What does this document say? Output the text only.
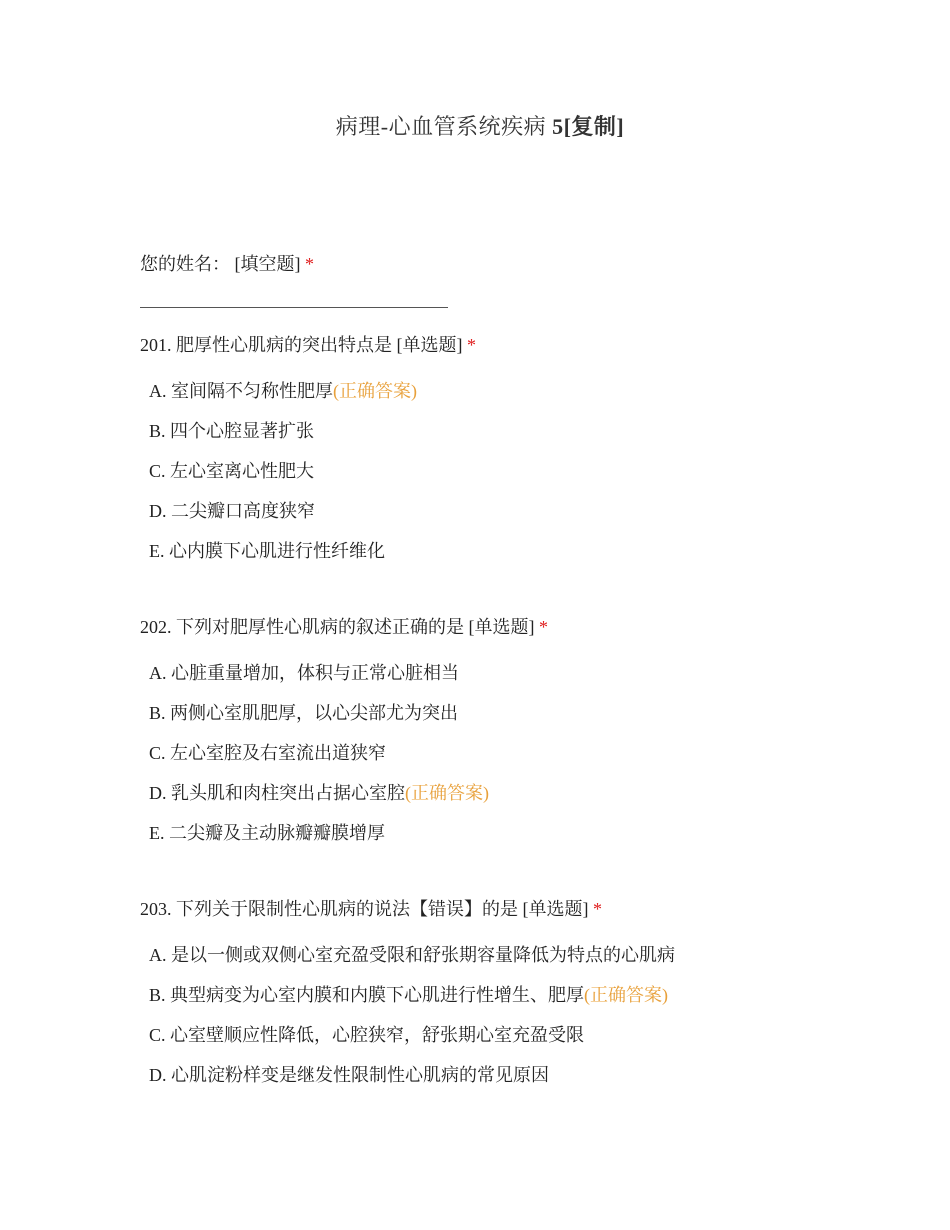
病理-心血管系统疾病 5[复制]
您的姓名： [填空题] *
201. 肥厚性心肌病的突出特点是 [单选题] *
A. 室间隔不匀称性肥厚(正确答案)
B. 四个心腔显著扩张
C. 左心室离心性肥大
D. 二尖瓣口高度狭窄
E. 心内膜下心肌进行性纤维化
202. 下列对肥厚性心肌病的叙述正确的是 [单选题] *
A. 心脏重量增加，体积与正常心脏相当
B. 两侧心室肌肥厚，以心尖部尤为突出
C. 左心室腔及右室流出道狭窄
D. 乳头肌和肉柱突出占据心室腔(正确答案)
E. 二尖瓣及主动脉瓣瓣膜增厚
203. 下列关于限制性心肌病的说法【错误】的是 [单选题] *
A. 是以一侧或双侧心室充盈受限和舒张期容量降低为特点的心肌病
B. 典型病变为心室内膜和内膜下心肌进行性增生、肥厚(正确答案)
C. 心室壁顺应性降低，心腔狭窄，舒张期心室充盈受限
D. 心肌淀粉样变是继发性限制性心肌病的常见原因
